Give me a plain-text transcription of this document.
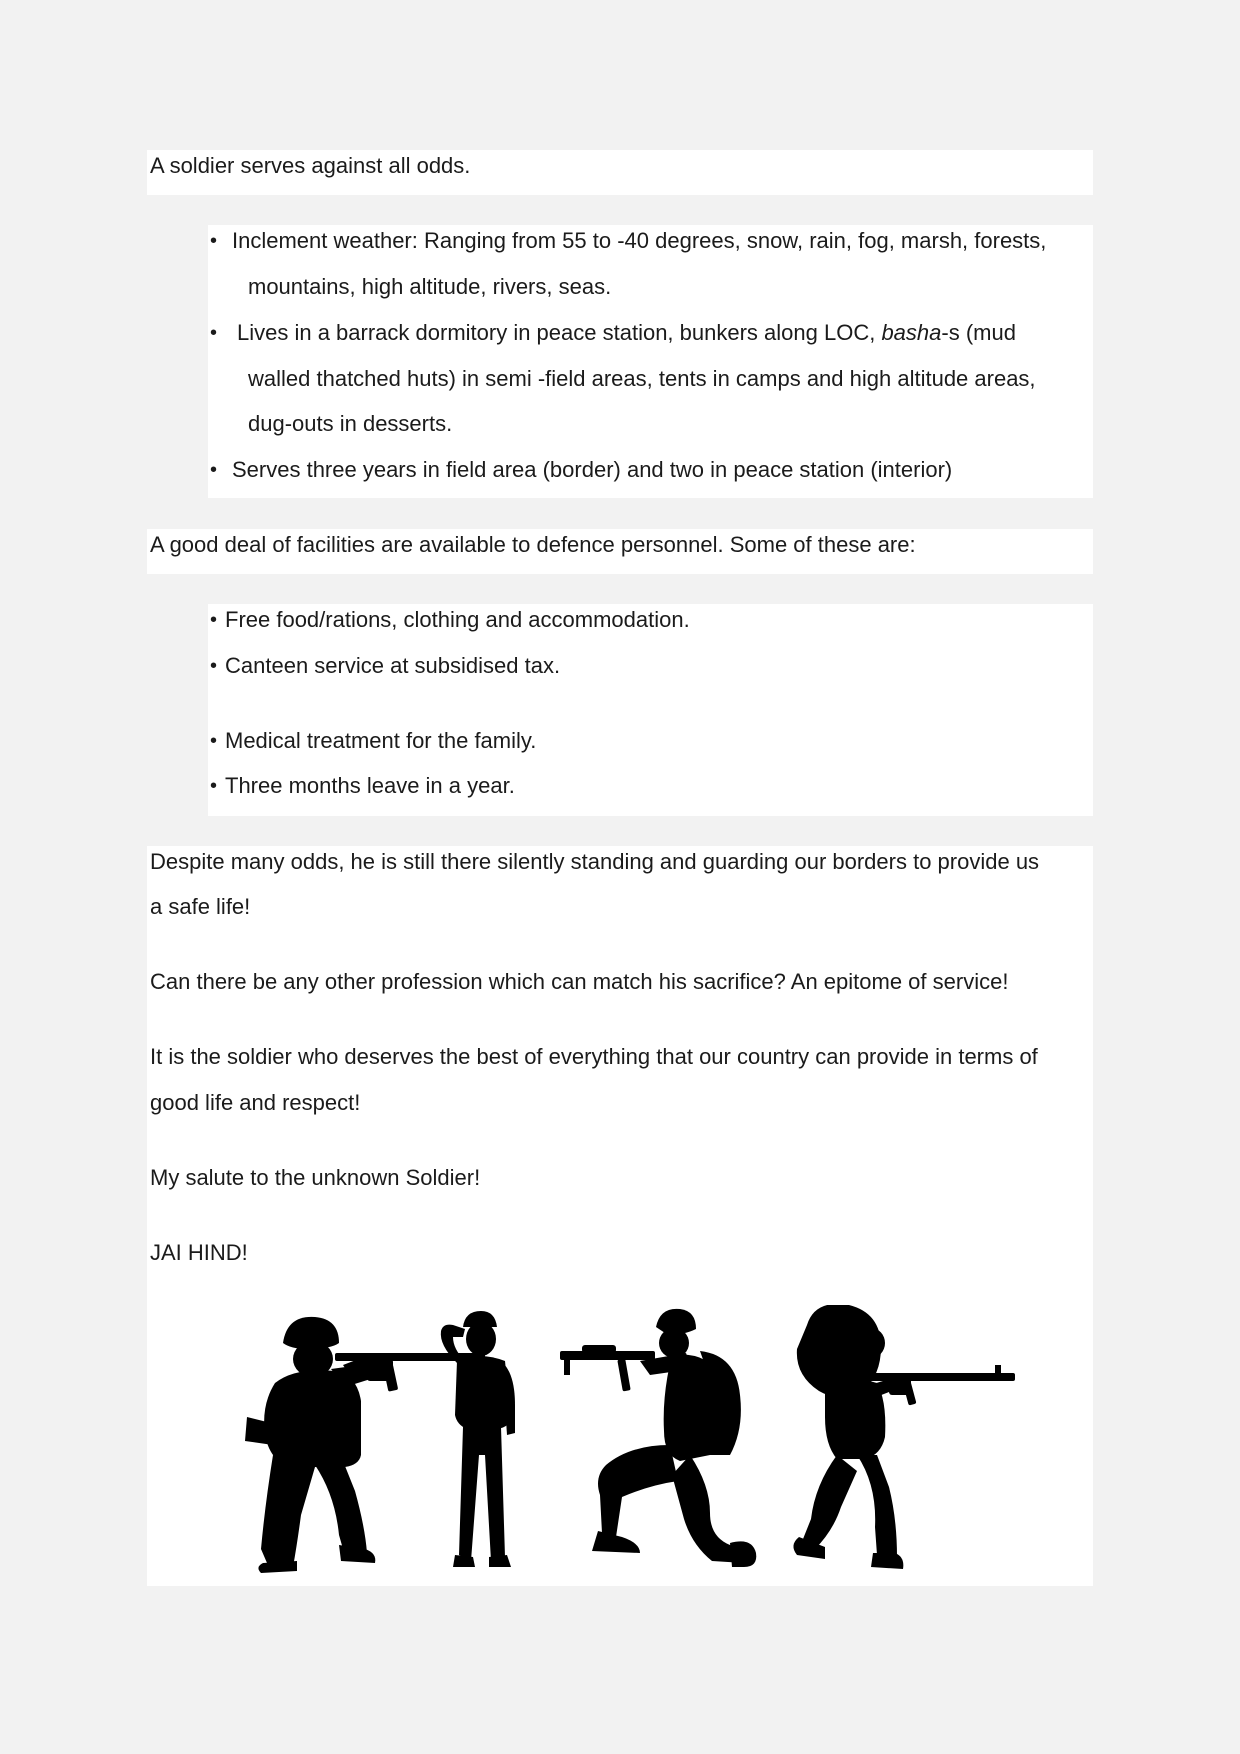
A soldier serves against all odds.
•
Inclement weather: Ranging from 55 to -40 degrees, snow, rain, fog, marsh, forests,
mountains, high altitude, rivers, seas.
•
Lives in a barrack dormitory in peace station, bunkers along LOC, basha-s (mud
walled thatched huts) in semi -field areas, tents in camps and high altitude areas,
dug-outs in desserts.
•
Serves three years in field area (border) and two in peace station (interior)
A good deal of facilities are available to defence personnel. Some of these are:
•
Free food/rations, clothing and accommodation.
•
Canteen service at subsidised tax.
•
Medical treatment for the family.
•
Three months leave in a year.
Despite many odds, he is still there silently standing and guarding our borders to provide us
a safe life!
Can there be any other profession which can match his sacrifice? An epitome of service!
It is the soldier who deserves the best of everything that our country can provide in terms of
good life and respect!
My salute to the unknown Soldier!
JAI HIND!
